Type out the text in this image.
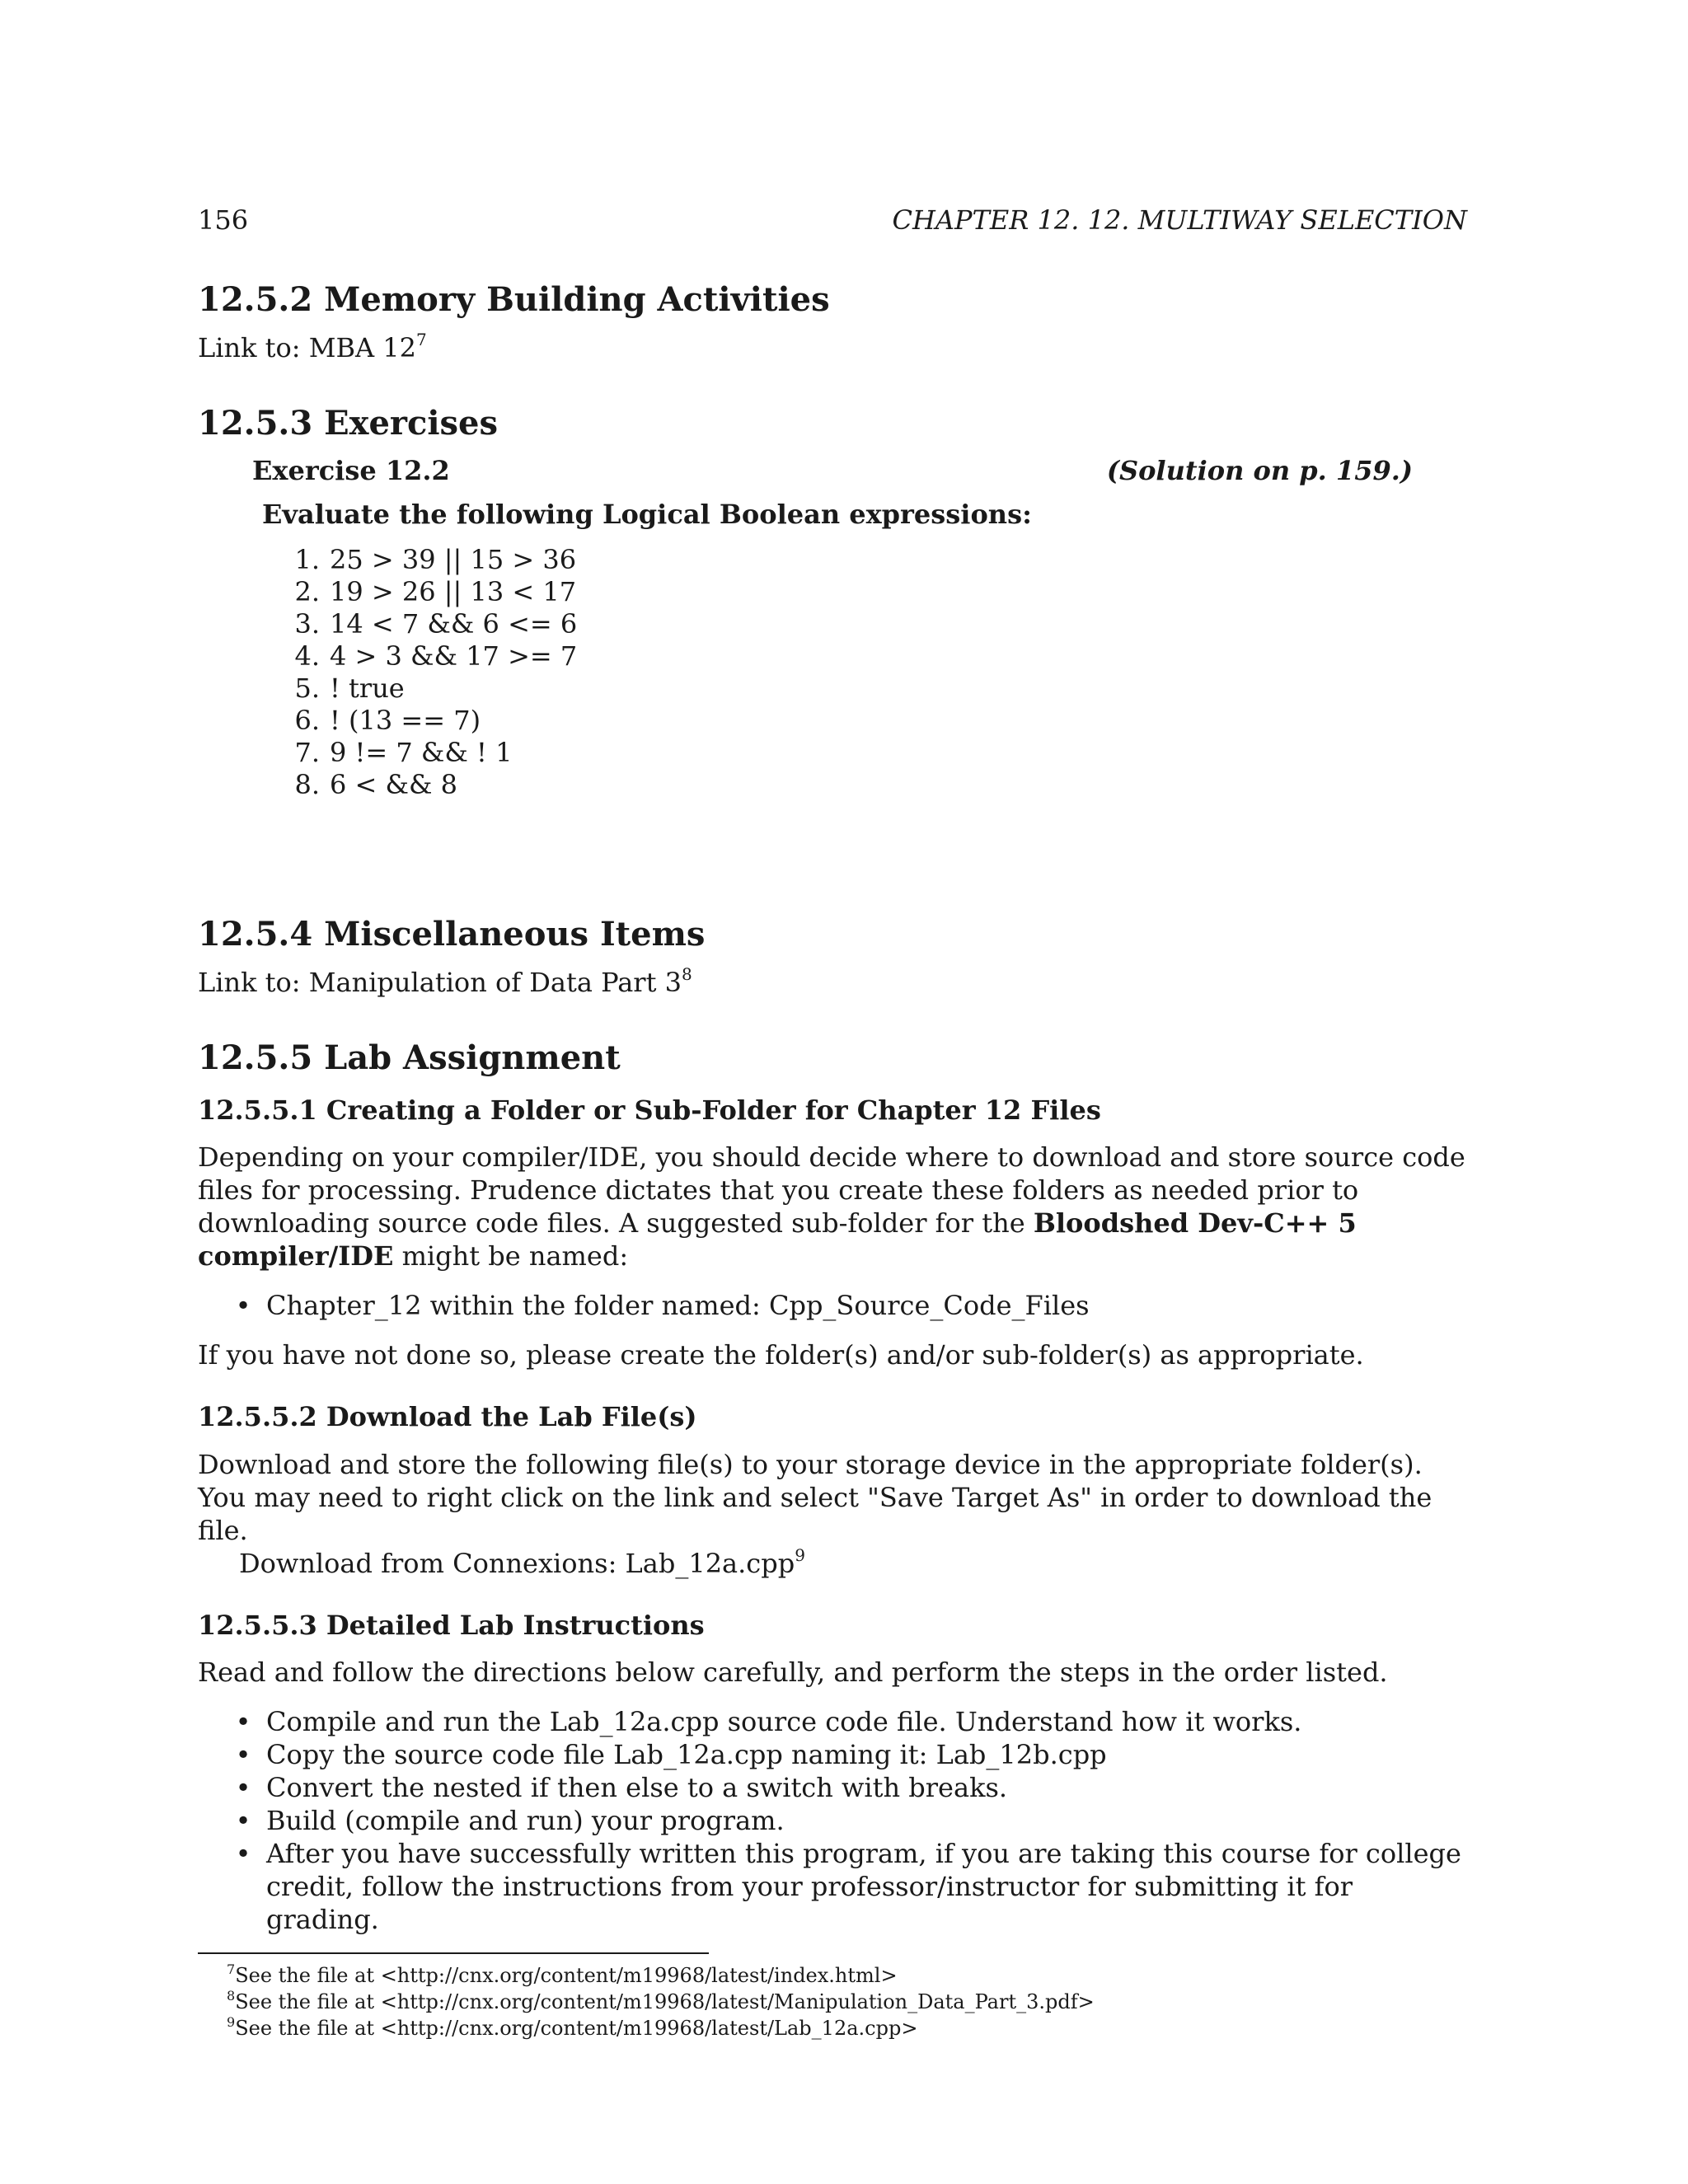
156	CHAPTER 12. 12. MULTIWAY SELECTION
12.5.2 Memory Building Activities

Link to: MBA $12^7$

12.5.3 Exercises
Exercise 12.2	(Solution on p. 159.)
Evaluate the following Logical Boolean expressions:
1. 25 > 39 || 15 > 36
2. 19 > 26 || 13 < 17
3. 14 < 7 && 6 <= 6
4. 4 > 3 && 17 >= 7
5. ! true
6. ! (13 == 7)
7. 9 != 7 && ! 1
8. 6 < && 8
12.5.4 Miscellaneous Items

Link to: Manipulation of Data Part $3^8$

12.5.5 Lab Assignment
12.5.5.1 Creating a Folder or Sub-Folder for Chapter 12 Files

Depending on your compiler/IDE, you should decide where to download and store source code files for processing. Prudence dictates that you create these folders as needed prior to downloading source code files. A suggested sub-folder for the Bloodshed Dev-C++ 5 compiler/IDE might be named:

• Chapter_12 within the folder named: Cpp_Source_Code_Files

If you have not done so, please create the folder(s) and/or sub-folder(s) as appropriate.

12.5.5.2 Download the Lab File(s)

Download and store the following file(s) to your storage device in the appropriate folder(s). You may need to right click on the link and select "Save Target As" in order to download the file.

Download from Connexions: Lab_12a.cpp$^9$

12.5.5.3 Detailed Lab Instructions

Read and follow the directions below carefully, and perform the steps in the order listed.

• Compile and run the Lab_12a.cpp source code file. Understand how it works.
• Copy the source code file Lab_12a.cpp naming it: Lab_12b.cpp
• Convert the nested if then else to a switch with breaks.
• Build (compile and run) your program.
• After you have successfully written this program, if you are taking this course for college credit, follow the instructions from your professor/instructor for submitting it for grading.
$^7$See the file at <http://cnx.org/content/m19968/latest/index.html>
$^8$See the file at <http://cnx.org/content/m19968/latest/Manipulation_Data_Part_3.pdf>
$^9$See the file at <http://cnx.org/content/m19968/latest/Lab_12a.cpp>
